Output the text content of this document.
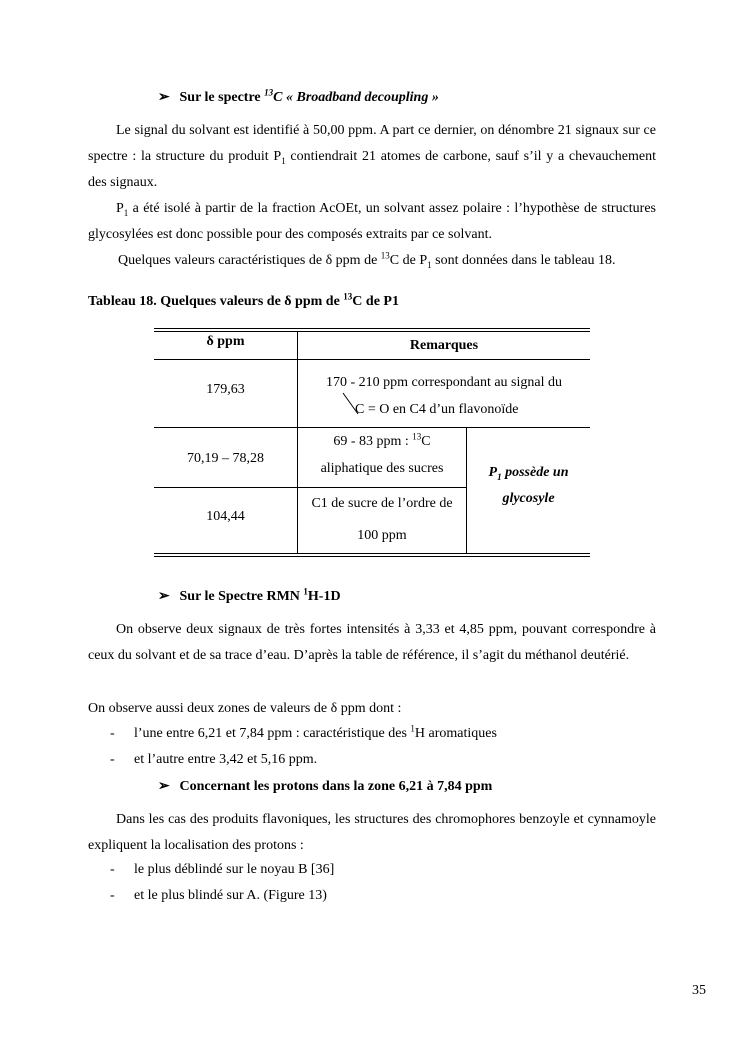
➢ Sur le spectre $^{13}$C « Broadband decoupling »
Le signal du solvant est identifié à 50,00 ppm. A part ce dernier, on dénombre 21 signaux sur ce spectre : la structure du produit $P_1$ contiendrait 21 atomes de carbone, sauf s’il y a chevauchement des signaux.
$P_1$ a été isolé à partir de la fraction AcOEt, un solvant assez polaire : l’hypothèse de structures glycosylées est donc possible pour des composés extraits par ce solvant.
Quelques valeurs caractéristiques de δ ppm de $^{13}$C de $P_1$ sont données dans le tableau 18.
Tableau 18. Quelques valeurs de δ ppm de $^{13}$C de P1
δ ppm	Remarques
179,63	170 - 210 ppm correspondant au signal du
C = O en C4 d’un flavonoïde
70,19 – 78,28
69 - 83 ppm : $^{13}$C
aliphatique des sucres
104,44
C1 de sucre de l’ordre de
100 ppm
$P_1$ possède un
glycosyle
➢ Sur le Spectre RMN $^1$H-1D
On observe deux signaux de très fortes intensités à 3,33 et 4,85 ppm, pouvant correspondre à ceux du solvant et de sa trace d’eau. D’après la table de référence, il s’agit du méthanol deutérié.
On observe aussi deux zones de valeurs de δ ppm dont :
- l’une entre 6,21 et 7,84 ppm : caractéristique des $^1$H aromatiques
- et l’autre entre 3,42 et 5,16 ppm.
➢ Concernant les protons dans la zone 6,21 à 7,84 ppm
Dans les cas des produits flavoniques, les structures des chromophores benzoyle et cynnamoyle expliquent la localisation des protons :
- le plus déblindé sur le noyau B [36]
- et le plus blindé sur A. (Figure 13)
35
